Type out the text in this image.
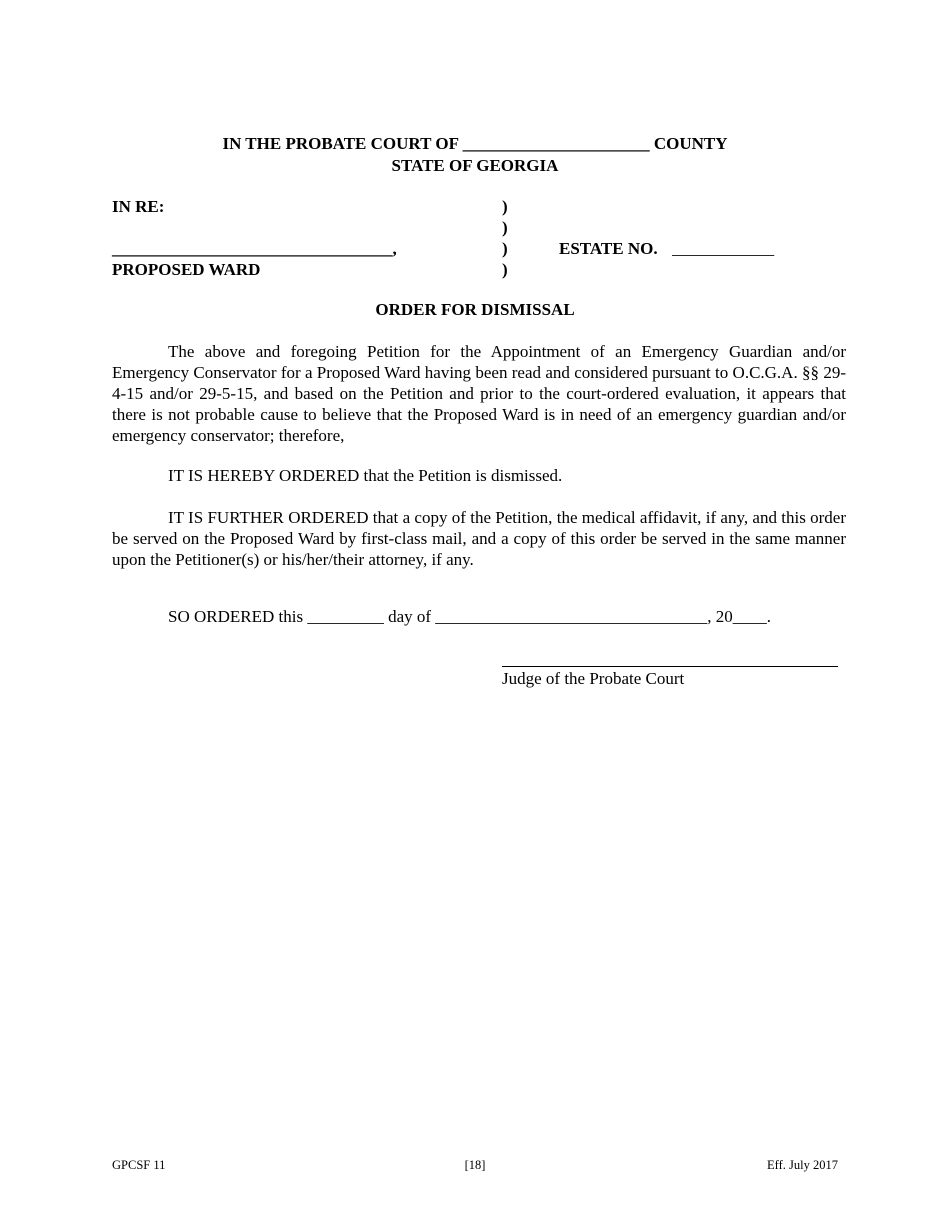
IN THE PROBATE COURT OF ______________________ COUNTY
STATE OF GEORGIA
IN RE:
_________________________________,
PROPOSED WARD
)
)
)
)
ESTATE NO. ____________
ORDER FOR DISMISSAL
The above and foregoing Petition for the Appointment of an Emergency Guardian and/or Emergency Conservator for a Proposed Ward having been read and considered pursuant to O.C.G.A. §§ 29-4-15 and/or 29-5-15, and based on the Petition and prior to the court-ordered evaluation, it appears that there is not probable cause to believe that the Proposed Ward is in need of an emergency guardian and/or emergency conservator; therefore,
IT IS HEREBY ORDERED that the Petition is dismissed.
IT IS FURTHER ORDERED that a copy of the Petition, the medical affidavit, if any, and this order be served on the Proposed Ward by first-class mail, and a copy of this order be served in the same manner upon the Petitioner(s) or his/her/their attorney, if any.
SO ORDERED this _________ day of ________________________________, 20____.
Judge of the Probate Court
GPCSF 11	[18]	Eff. July 2017
